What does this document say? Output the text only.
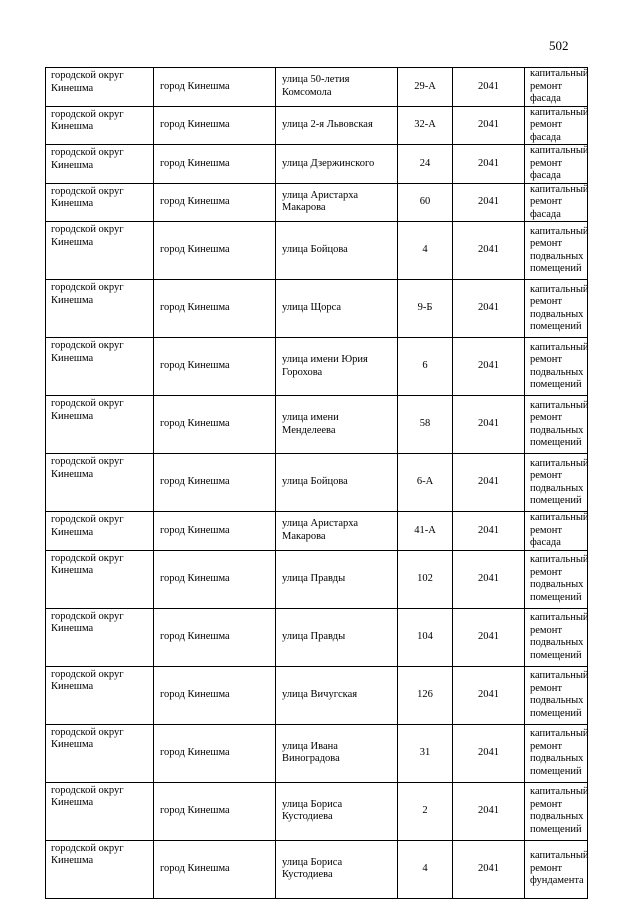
502
городской округ Кинешма	город Кинешма	улица 50-летия Комсомола	29-А	2041	капитальный ремонт фасада
городской округ Кинешма	город Кинешма	улица 2-я Львовская	32-А	2041	капитальный ремонт фасада
городской округ Кинешма	город Кинешма	улица Дзержинского	24	2041	капитальный ремонт фасада
городской округ Кинешма	город Кинешма	улица Аристарха Макарова	60	2041	капитальный ремонт фасада
городской округ Кинешма	город Кинешма	улица Бойцова	4	2041	капитальный ремонт подвальных помещений
городской округ Кинешма	город Кинешма	улица Щорса	9-Б	2041	капитальный ремонт подвальных помещений
городской округ Кинешма	город Кинешма	улица имени Юрия Горохова	6	2041	капитальный ремонт подвальных помещений
городской округ Кинешма	город Кинешма	улица имени Менделеева	58	2041	капитальный ремонт подвальных помещений
городской округ Кинешма	город Кинешма	улица Бойцова	6-А	2041	капитальный ремонт подвальных помещений
городской округ Кинешма	город Кинешма	улица Аристарха Макарова	41-А	2041	капитальный ремонт фасада
городской округ Кинешма	город Кинешма	улица Правды	102	2041	капитальный ремонт подвальных помещений
городской округ Кинешма	город Кинешма	улица Правды	104	2041	капитальный ремонт подвальных помещений
городской округ Кинешма	город Кинешма	улица Вичугская	126	2041	капитальный ремонт подвальных помещений
городской округ Кинешма	город Кинешма	улица Ивана Виноградова	31	2041	капитальный ремонт подвальных помещений
городской округ Кинешма	город Кинешма	улица Бориса Кустодиева	2	2041	капитальный ремонт подвальных помещений
городской округ Кинешма	город Кинешма	улица Бориса Кустодиева	4	2041	капитальный ремонт фундамента
